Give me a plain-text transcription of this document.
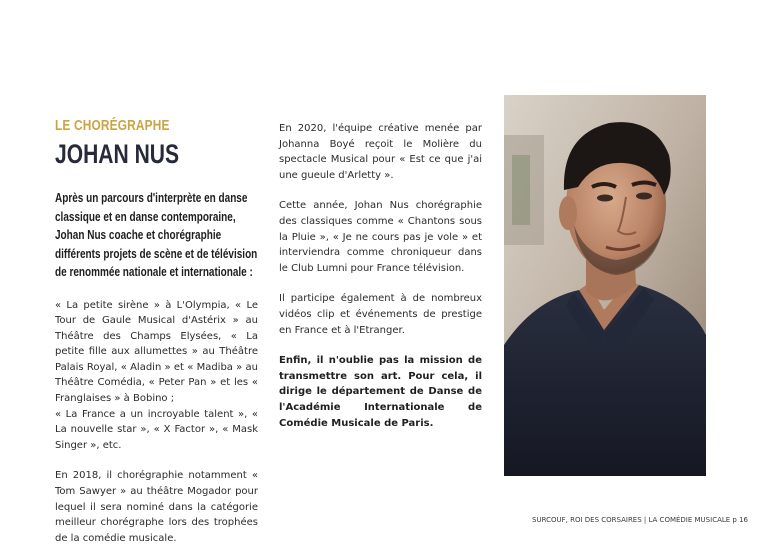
LE CHORÉGRAPHE
JOHAN NUS
Après un parcours d'interprète en danse classique et en danse contemporaine, Johan Nus coache et chorégraphie différents projets de scène et de télévision de renommée nationale et internationale :

« La petite sirène » à L'Olympia, « Le Tour de Gaule Musical d'Astérix » au Théâtre des Champs Elysées, « La petite fille aux allumettes » au Théâtre Palais Royal, « Aladin » et « Madiba » au Théâtre Comédia, « Peter Pan » et les « Franglaises » à Bobino ;

« La France a un incroyable talent », « La nouvelle star », « X Factor », « Mask Singer », etc.

En 2018, il chorégraphie notamment « Tom Sawyer » au théâtre Mogador pour lequel il sera nominé dans la catégorie meilleur chorégraphe lors des trophées de la comédie musicale.

En 2020, l'équipe créative menée par Johanna Boyé reçoit le Molière du spectacle Musical pour « Est ce que j'ai une gueule d'Arletty ».

Cette année, Johan Nus chorégraphie des classiques comme « Chantons sous la Pluie », « Je ne cours pas je vole » et interviendra comme chroniqueur dans le Club Lumni pour France télévision.

Il participe également à de nombreux vidéos clip et événements de prestige en France et à l'Etranger.

Enfin, il n'oublie pas la mission de transmettre son art. Pour cela, il dirige le département de Danse de l'Académie Internationale de Comédie Musicale de Paris.

SURCOUF, ROI DES CORSAIRES | LA COMÉDIE MUSICALE p 16
